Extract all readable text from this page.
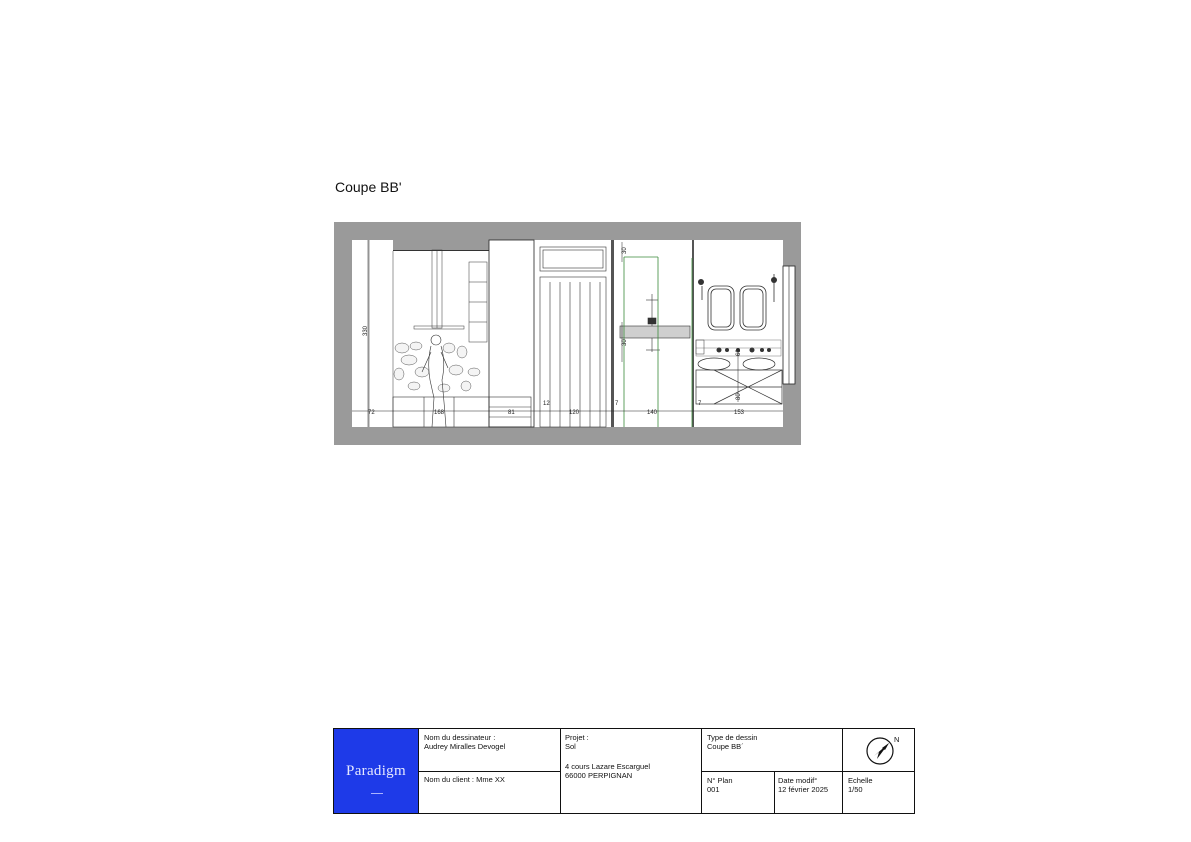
Coupe BB'
330
30
30
60
80
72	168	81
12
120
7
140
7
153
Paradigm
Nom du dessinateur :
Audrey Miralles Devogel
Nom du client : Mme XX
Projet :
Sol
4 cours Lazare Escarguel
66000 PERPIGNAN
Type de dessin
Coupe BB´
N° Plan
001
Date modif°
12 février 2025
Echelle
1/50
N
